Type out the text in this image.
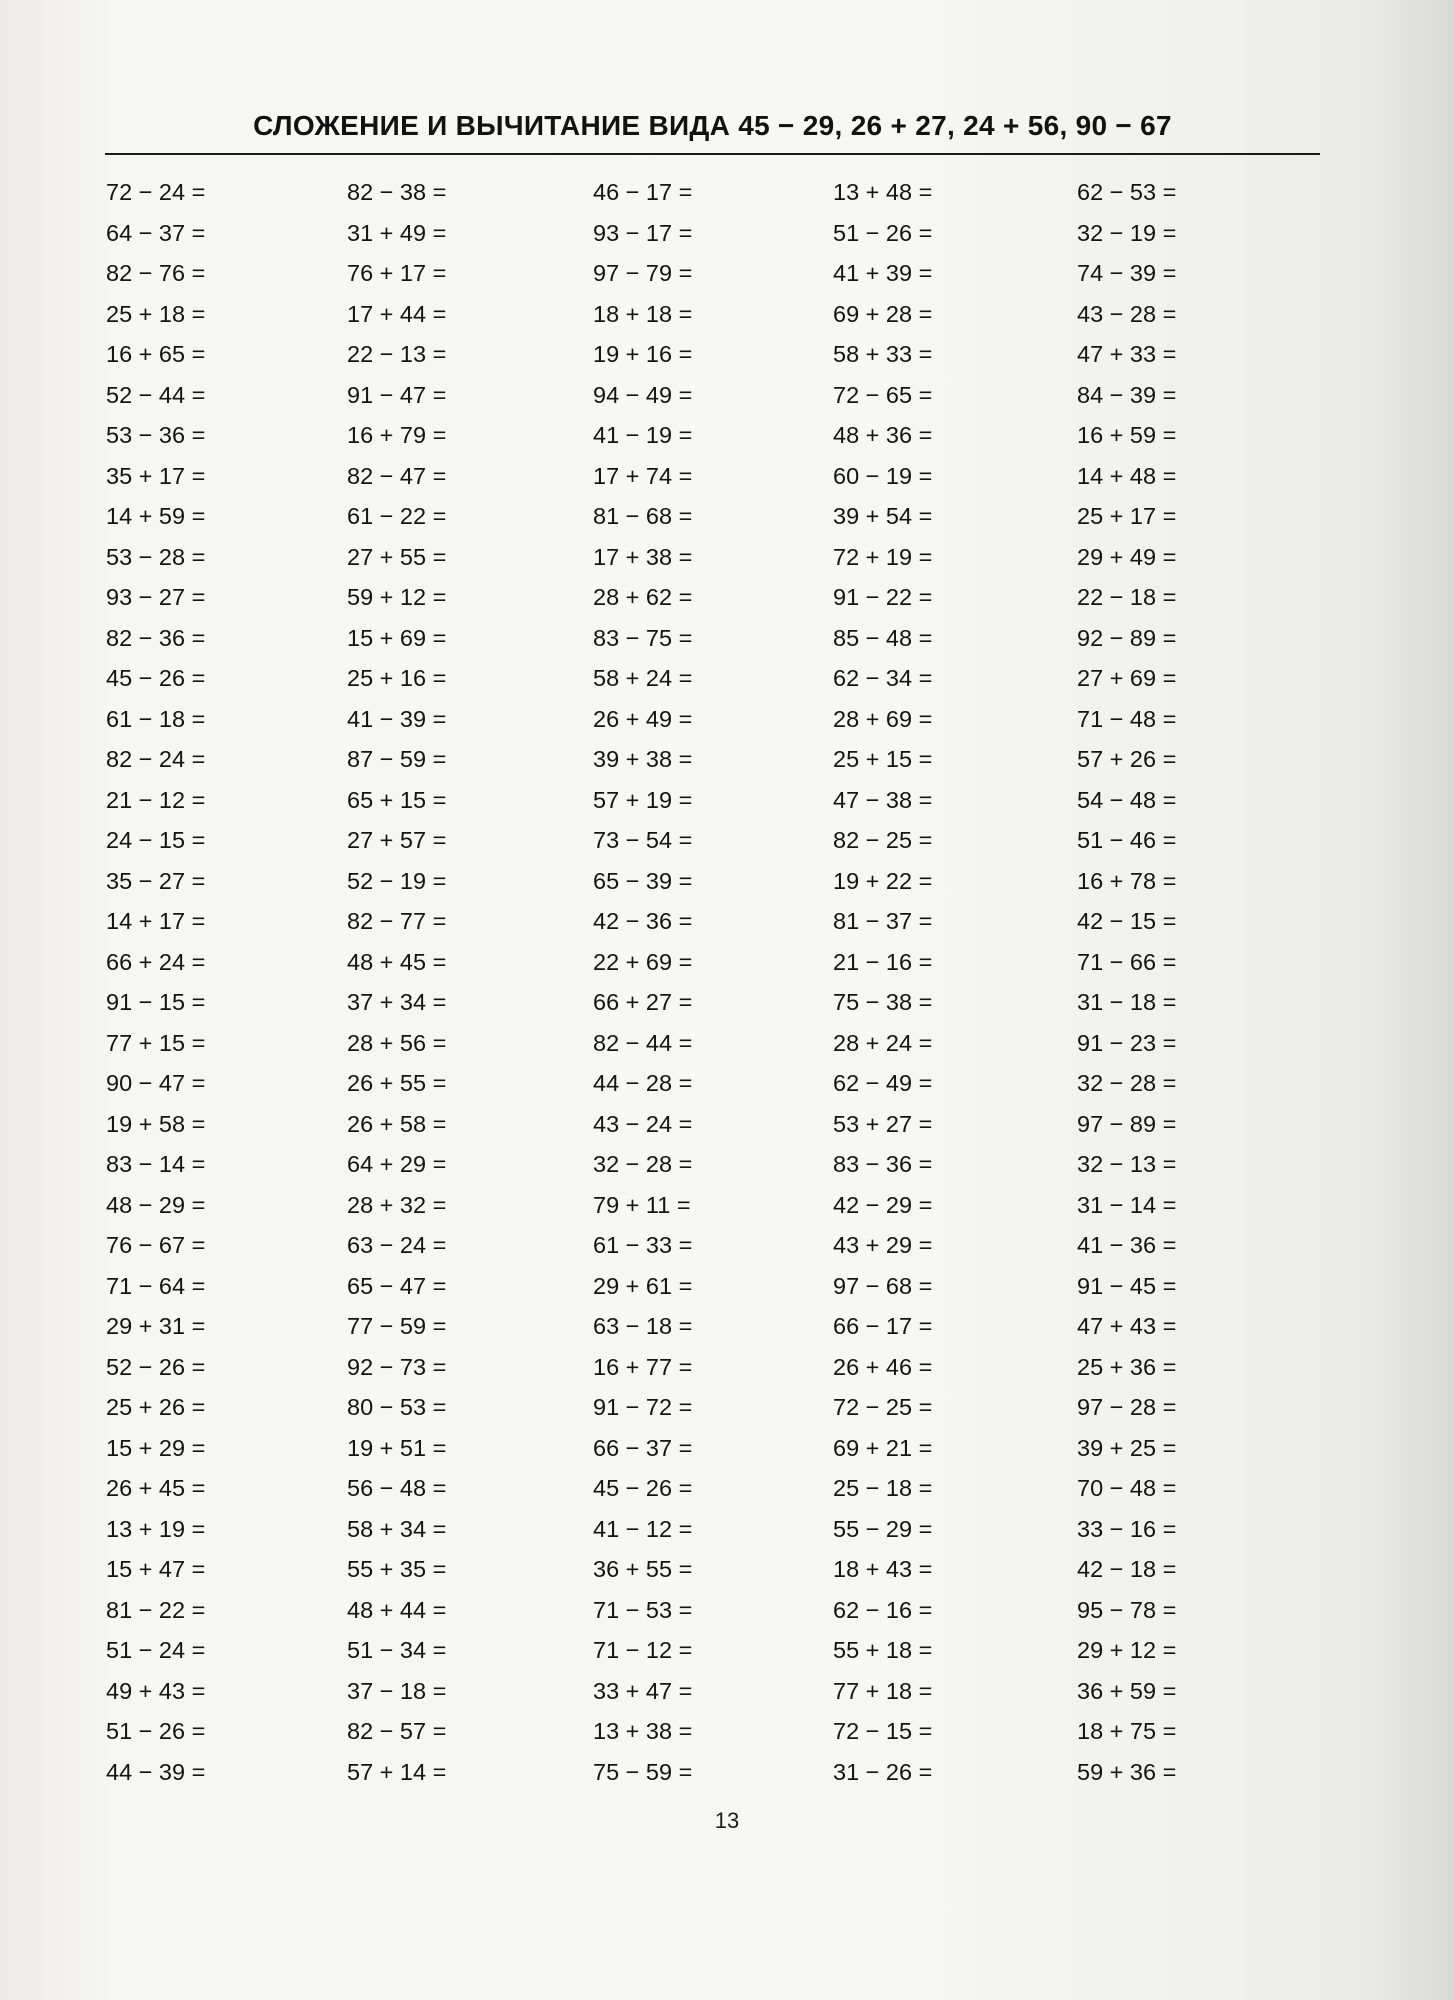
СЛОЖЕНИЕ И ВЫЧИТАНИЕ ВИДА 45 − 29, 26 + 27, 24 + 56, 90 − 67
72 − 24 =
64 − 37 =
82 − 76 =
25 + 18 =
16 + 65 =
52 − 44 =
53 − 36 =
35 + 17 =
14 + 59 =
53 − 28 =
93 − 27 =
82 − 36 =
45 − 26 =
61 − 18 =
82 − 24 =
21 − 12 =
24 − 15 =
35 − 27 =
14 + 17 =
66 + 24 =
91 − 15 =
77 + 15 =
90 − 47 =
19 + 58 =
83 − 14 =
48 − 29 =
76 − 67 =
71 − 64 =
29 + 31 =
52 − 26 =
25 + 26 =
15 + 29 =
26 + 45 =
13 + 19 =
15 + 47 =
81 − 22 =
51 − 24 =
49 + 43 =
51 − 26 =
44 − 39 =
82 − 38 =
31 + 49 =
76 + 17 =
17 + 44 =
22 − 13 =
91 − 47 =
16 + 79 =
82 − 47 =
61 − 22 =
27 + 55 =
59 + 12 =
15 + 69 =
25 + 16 =
41 − 39 =
87 − 59 =
65 + 15 =
27 + 57 =
52 − 19 =
82 − 77 =
48 + 45 =
37 + 34 =
28 + 56 =
26 + 55 =
26 + 58 =
64 + 29 =
28 + 32 =
63 − 24 =
65 − 47 =
77 − 59 =
92 − 73 =
80 − 53 =
19 + 51 =
56 − 48 =
58 + 34 =
55 + 35 =
48 + 44 =
51 − 34 =
37 − 18 =
82 − 57 =
57 + 14 =
46 − 17 =
93 − 17 =
97 − 79 =
18 + 18 =
19 + 16 =
94 − 49 =
41 − 19 =
17 + 74 =
81 − 68 =
17 + 38 =
28 + 62 =
83 − 75 =
58 + 24 =
26 + 49 =
39 + 38 =
57 + 19 =
73 − 54 =
65 − 39 =
42 − 36 =
22 + 69 =
66 + 27 =
82 − 44 =
44 − 28 =
43 − 24 =
32 − 28 =
79 + 11 =
61 − 33 =
29 + 61 =
63 − 18 =
16 + 77 =
91 − 72 =
66 − 37 =
45 − 26 =
41 − 12 =
36 + 55 =
71 − 53 =
71 − 12 =
33 + 47 =
13 + 38 =
75 − 59 =
13 + 48 =
51 − 26 =
41 + 39 =
69 + 28 =
58 + 33 =
72 − 65 =
48 + 36 =
60 − 19 =
39 + 54 =
72 + 19 =
91 − 22 =
85 − 48 =
62 − 34 =
28 + 69 =
25 + 15 =
47 − 38 =
82 − 25 =
19 + 22 =
81 − 37 =
21 − 16 =
75 − 38 =
28 + 24 =
62 − 49 =
53 + 27 =
83 − 36 =
42 − 29 =
43 + 29 =
97 − 68 =
66 − 17 =
26 + 46 =
72 − 25 =
69 + 21 =
25 − 18 =
55 − 29 =
18 + 43 =
62 − 16 =
55 + 18 =
77 + 18 =
72 − 15 =
31 − 26 =
62 − 53 =
32 − 19 =
74 − 39 =
43 − 28 =
47 + 33 =
84 − 39 =
16 + 59 =
14 + 48 =
25 + 17 =
29 + 49 =
22 − 18 =
92 − 89 =
27 + 69 =
71 − 48 =
57 + 26 =
54 − 48 =
51 − 46 =
16 + 78 =
42 − 15 =
71 − 66 =
31 − 18 =
91 − 23 =
32 − 28 =
97 − 89 =
32 − 13 =
31 − 14 =
41 − 36 =
91 − 45 =
47 + 43 =
25 + 36 =
97 − 28 =
39 + 25 =
70 − 48 =
33 − 16 =
42 − 18 =
95 − 78 =
29 + 12 =
36 + 59 =
18 + 75 =
59 + 36 =
13
